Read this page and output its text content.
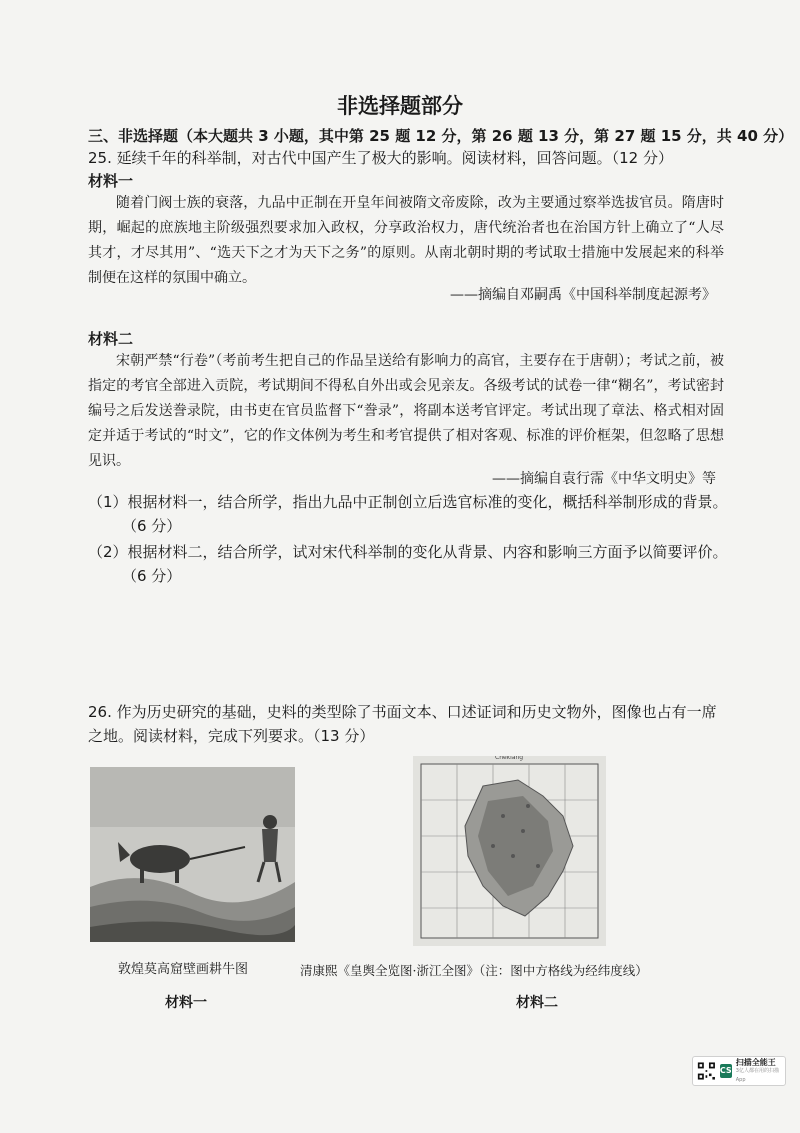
非选择题部分
三、非选择题（本大题共 3 小题，其中第 25 题 12 分，第 26 题 13 分，第 27 题 15 分，共 40 分）
25. 延续千年的科举制，对古代中国产生了极大的影响。阅读材料，回答问题。（12 分）
材料一

随着门阀士族的衰落，九品中正制在开皇年间被隋文帝废除，改为主要通过察举选拔官员。隋唐时期，崛起的庶族地主阶级强烈要求加入政权，分享政治权力，唐代统治者也在治国方针上确立了“人尽其才，才尽其用”、“选天下之才为天下之务”的原则。从南北朝时期的考试取士措施中发展起来的科举制便在这样的氛围中确立。

——摘编自邓嗣禹《中国科举制度起源考》
材料二

宋朝严禁“行卷”（考前考生把自己的作品呈送给有影响力的高官，主要存在于唐朝）；考试之前，被指定的考官全部进入贡院，考试期间不得私自外出或会见亲友。各级考试的试卷一律“糊名”，考试密封编号之后发送誊录院，由书吏在官员监督下“誊录”，将副本送考官评定。考试出现了章法、格式相对固定并适于考试的“时文”，它的作文体例为考生和考官提供了相对客观、标准的评价框架，但忽略了思想见识。

——摘编自袁行霈《中华文明史》等
（1）根据材料一，结合所学，指出九品中正制创立后选官标准的变化，概括科举制形成的背景。
（6 分）
（2）根据材料二，结合所学，试对宋代科举制的变化从背景、内容和影响三方面予以简要评价。
（6 分）
26. 作为历史研究的基础，史料的类型除了书面文本、口述证词和历史文物外，图像也占有一席之地。阅读材料，完成下列要求。（13 分）
敦煌莫高窟壁画耕牛图
材料一
Chekiang
清康熙《皇舆全览图·浙江全图》（注：图中方格线为经纬度线）
材料二
CS
扫描全能王
3亿人都在用的扫描App
